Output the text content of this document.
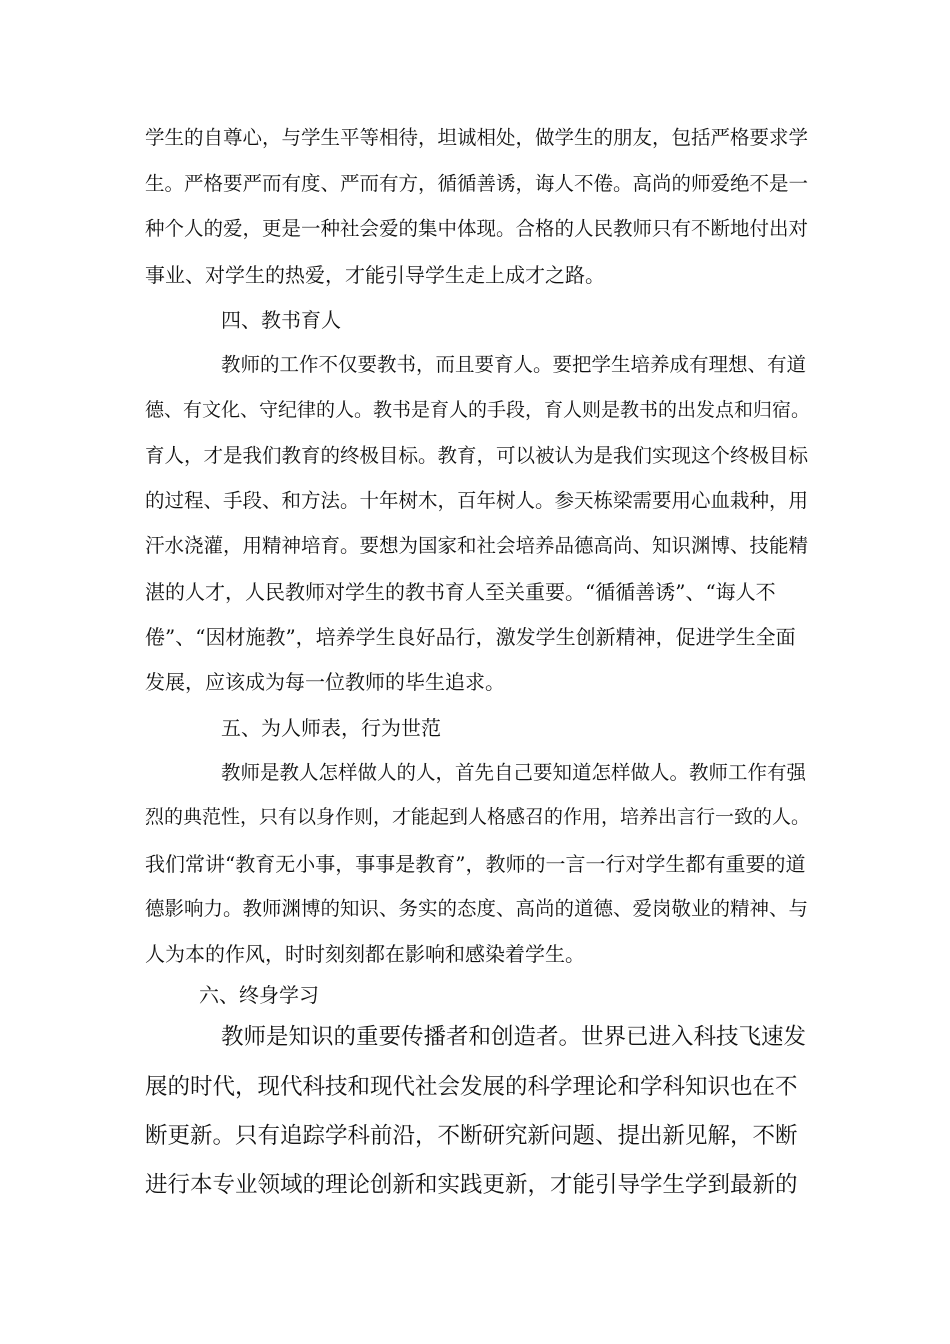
学生的自尊心，与学生平等相待，坦诚相处，做学生的朋友，包括严格要求学

生。严格要严而有度、严而有方，循循善诱，诲人不倦。高尚的师爱绝不是一

种个人的爱，更是一种社会爱的集中体现。合格的人民教师只有不断地付出对

事业、对学生的热爱，才能引导学生走上成才之路。

四、教书育人

教师的工作不仅要教书，而且要育人。要把学生培养成有理想、有道

德、有文化、守纪律的人。教书是育人的手段，育人则是教书的出发点和归宿。

育人，才是我们教育的终极目标。教育，可以被认为是我们实现这个终极目标

的过程、手段、和方法。十年树木，百年树人。参天栋梁需要用心血栽种，用

汗水浇灌，用精神培育。要想为国家和社会培养品德高尚、知识渊博、技能精

湛的人才，人民教师对学生的教书育人至关重要。“循循善诱”、“诲人不

倦”、“因材施教”，培养学生良好品行，激发学生创新精神，促进学生全面

发展，应该成为每一位教师的毕生追求。

五、为人师表，行为世范

教师是教人怎样做人的人，首先自己要知道怎样做人。教师工作有强

烈的典范性，只有以身作则，才能起到人格感召的作用，培养出言行一致的人。

我们常讲“教育无小事，事事是教育”，教师的一言一行对学生都有重要的道

德影响力。教师渊博的知识、务实的态度、高尚的道德、爱岗敬业的精神、与

人为本的作风，时时刻刻都在影响和感染着学生。

六、终身学习

教师是知识的重要传播者和创造者。世界已进入科技飞速发

展的时代，现代科技和现代社会发展的科学理论和学科知识也在不

断更新。只有追踪学科前沿，不断研究新问题、提出新见解，不断

进行本专业领域的理论创新和实践更新，才能引导学生学到最新的
